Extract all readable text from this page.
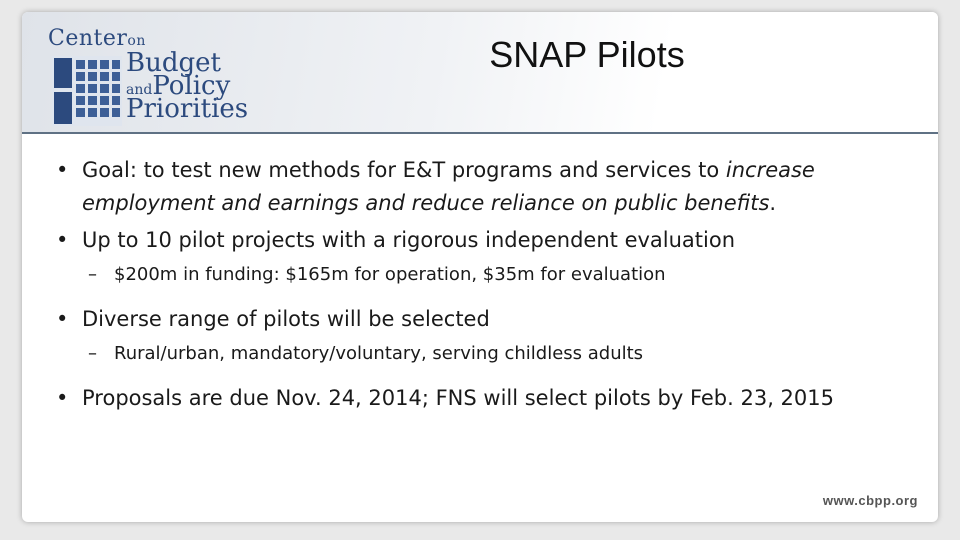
Centeron
Budget
andPolicy
Priorities
SNAP Pilots
• Goal: to test new methods for E&T programs and services to increase employment and earnings and reduce reliance on public benefits.
• Up to 10 pilot projects with a rigorous independent evaluation
– $200m in funding: $165m for operation, $35m for evaluation
• Diverse range of pilots will be selected
– Rural/urban, mandatory/voluntary, serving childless adults
• Proposals are due Nov. 24, 2014; FNS will select pilots by Feb. 23, 2015
www.cbpp.org
